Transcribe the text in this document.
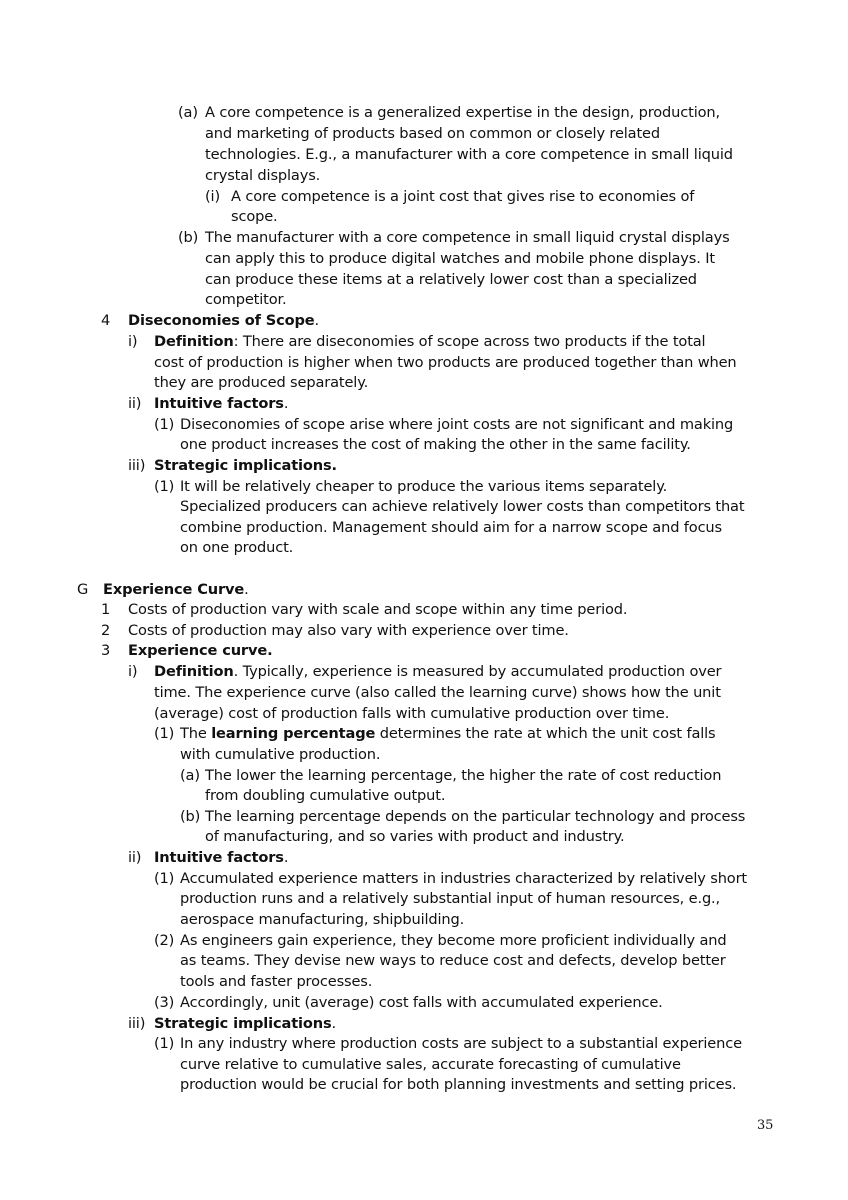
35
(a) A core competence is a generalized expertise in the design, production,
and marketing of products based on common or closely related
technologies. E.g., a manufacturer with a core competence in small liquid
crystal displays.
(i) A core competence is a joint cost that gives rise to economies of
scope.
(b) The manufacturer with a core competence in small liquid crystal displays
can apply this to produce digital watches and mobile phone displays. It
can produce these items at a relatively lower cost than a specialized
competitor.
4 Diseconomies of Scope.
i) Definition: There are diseconomies of scope across two products if the total
cost of production is higher when two products are produced together than when
they are produced separately.
ii) Intuitive factors.
(1) Diseconomies of scope arise where joint costs are not significant and making
one product increases the cost of making the other in the same facility.
iii) Strategic implications.
(1) It will be relatively cheaper to produce the various items separately.
Specialized producers can achieve relatively lower costs than competitors that
combine production. Management should aim for a narrow scope and focus
on one product.
G Experience Curve.
1 Costs of production vary with scale and scope within any time period.
2 Costs of production may also vary with experience over time.
3 Experience curve.
i) Definition. Typically, experience is measured by accumulated production over
time. The experience curve (also called the learning curve) shows how the unit
(average) cost of production falls with cumulative production over time.
(1) The learning percentage determines the rate at which the unit cost falls
with cumulative production.
(a) The lower the learning percentage, the higher the rate of cost reduction
from doubling cumulative output.
(b) The learning percentage depends on the particular technology and process
of manufacturing, and so varies with product and industry.
ii) Intuitive factors.
(1) Accumulated experience matters in industries characterized by relatively short
production runs and a relatively substantial input of human resources, e.g.,
aerospace manufacturing, shipbuilding.
(2) As engineers gain experience, they become more proficient individually and
as teams. They devise new ways to reduce cost and defects, develop better
tools and faster processes.
(3) Accordingly, unit (average) cost falls with accumulated experience.
iii) Strategic implications.
(1) In any industry where production costs are subject to a substantial experience
curve relative to cumulative sales, accurate forecasting of cumulative
production would be crucial for both planning investments and setting prices.
